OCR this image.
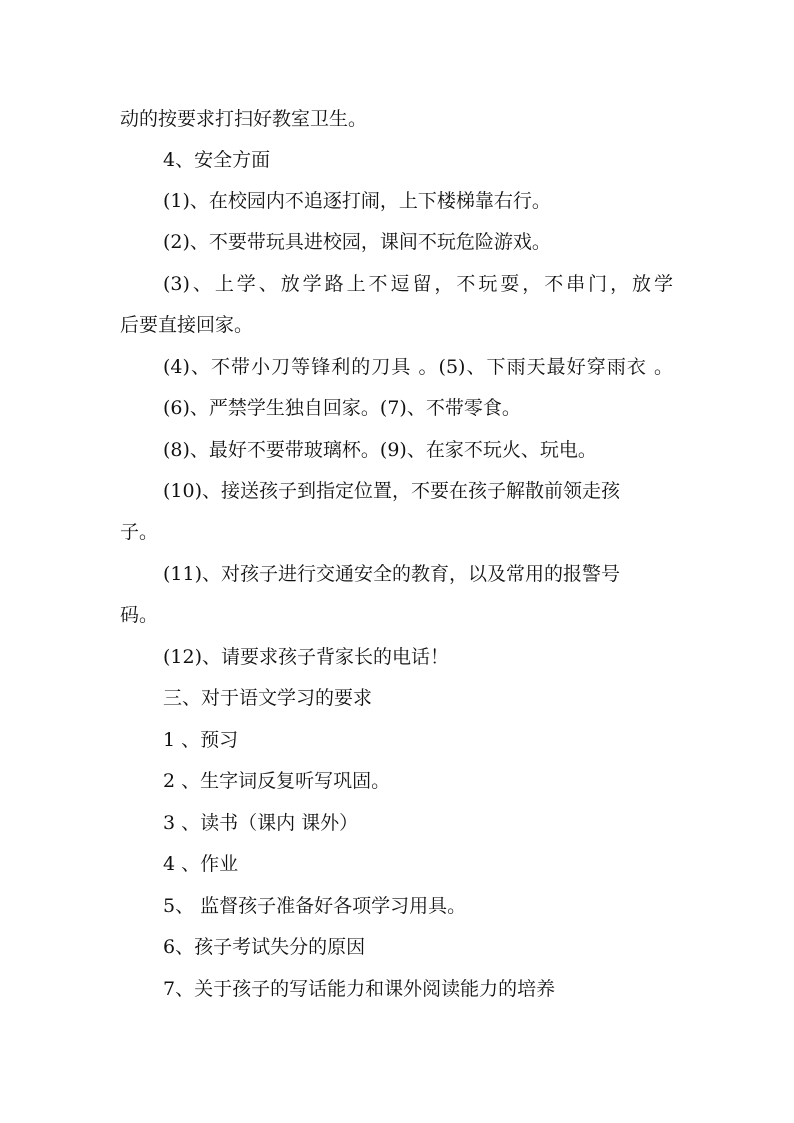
动的按要求打扫好教室卫生。
4、安全方面
(1)、在校园内不追逐打闹，上下楼梯靠右行。
(2)、不要带玩具进校园，课间不玩危险游戏。
(3)、上学、放学路上不逗留，不玩耍，不串门，放学
后要直接回家。
(4)、不带小刀等锋利的刀具 。(5)、下雨天最好穿雨衣 。
(6)、严禁学生独自回家。(7)、不带零食。
(8)、最好不要带玻璃杯。(9)、在家不玩火、玩电。
(10)、接送孩子到指定位置，不要在孩子解散前领走孩
子。
(11)、对孩子进行交通安全的教育，以及常用的报警号
码。
(12)、请要求孩子背家长的电话！
三、对于语文学习的要求
1 、预习
2 、生字词反复听写巩固。
3 、读书（课内 课外）
4 、作业
5、 监督孩子准备好各项学习用具。
6、孩子考试失分的原因
7、关于孩子的写话能力和课外阅读能力的培养
